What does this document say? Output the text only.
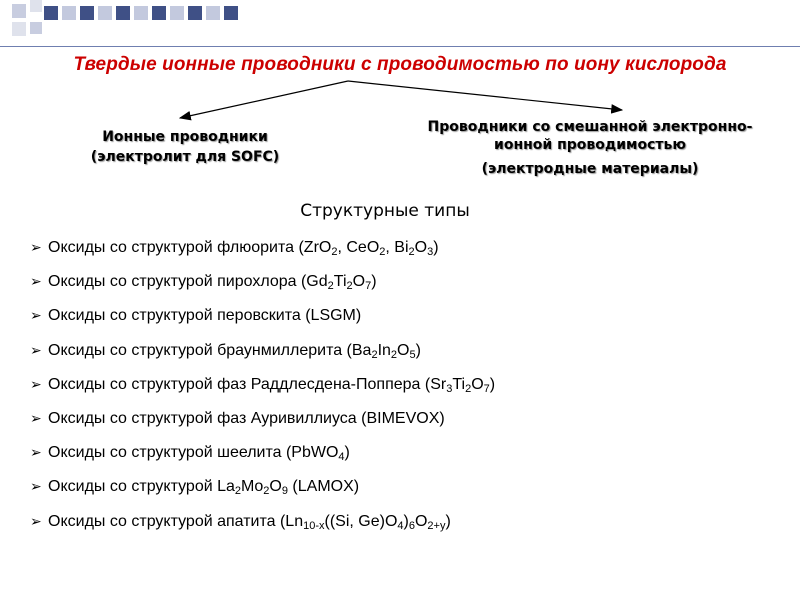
Твердые ионные проводники с проводимостью по иону кислорода
Ионные проводники
(электролит для SOFC)
Проводники со смешанной электронно-
ионной проводимостью
(электродные материалы)
Структурные типы
➢ Оксиды со структурой флюорита (ZrO$_2$, CeO$_2$, $Bi_2O_3$)
➢ Оксиды со структурой пирохлора $(Gd_2Ti_2O_7)$
➢ Оксиды со структурой перовскита (LSGM)
➢ Оксиды со структурой браунмиллерита $(Ba_2In_2O_5)$
➢ Оксиды со структурой фаз Раддлесдена-Поппера $(Sr_3Ti_2O_7)$
➢ Оксиды со структурой фаз Ауривиллиуса (BIMEVOX)
➢ Оксиды со структурой шеелита (PbWO$_4$)
➢ Оксиды со структурой $La_2Mo_2O_9$ (LAMOX)
➢ Оксиды со структурой апатита ($Ln_{10-x}((Si$, $Ge)O_4)_6O_{2+y}$)
